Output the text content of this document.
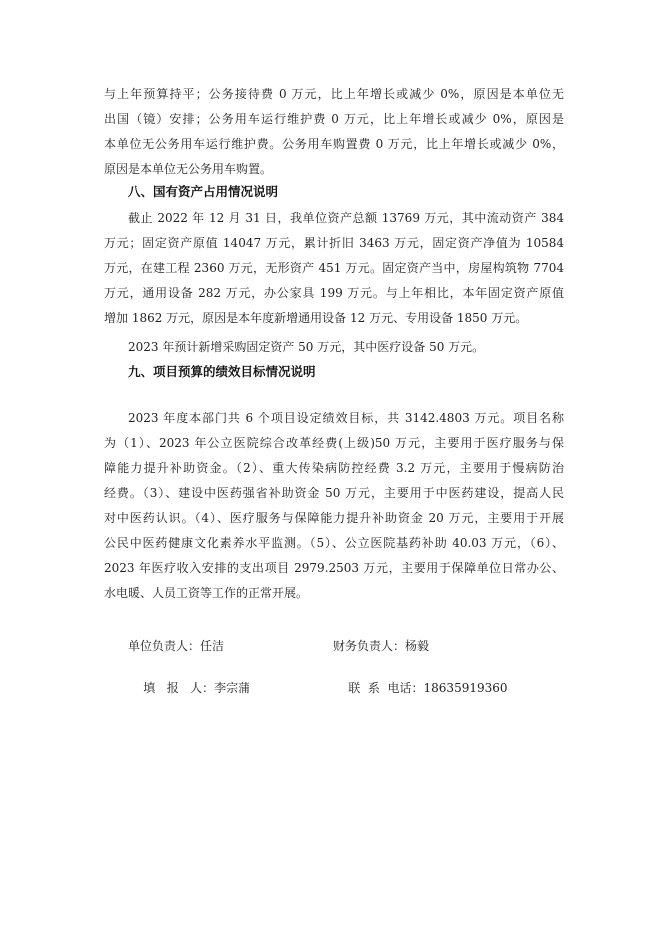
与上年预算持平；公务接待费 0 万元，比上年增长或减少 0%，原因是本单位无
出国（镜）安排；公务用车运行维护费 0 万元，比上年增长或减少 0%，原因是
本单位无公务用车运行维护费。公务用车购置费 0 万元，比上年增长或减少 0%，
原因是本单位无公务用车购置。
八、国有资产占用情况说明
截止 2022 年 12 月 31 日，我单位资产总额 13769 万元，其中流动资产 384
万元；固定资产原值 14047 万元，累计折旧 3463 万元，固定资产净值为 10584
万元，在建工程 2360 万元，无形资产 451 万元。固定资产当中，房屋构筑物 7704
万元，通用设备 282 万元，办公家具 199 万元。与上年相比，本年固定资产原值
增加 1862 万元，原因是本年度新增通用设备 12 万元、专用设备 1850 万元。
2023 年预计新增采购固定资产 50 万元，其中医疗设备 50 万元。
九、项目预算的绩效目标情况说明
2023 年度本部门共 6 个项目设定绩效目标，共 3142.4803 万元。项目名称
为（1）、2023 年公立医院综合改革经费(上级)50 万元，主要用于医疗服务与保
障能力提升补助资金。（2）、重大传染病防控经费 3.2 万元，主要用于慢病防治
经费。（3）、建设中医药强省补助资金 50 万元，主要用于中医药建设，提高人民
对中医药认识。（4）、医疗服务与保障能力提升补助资金 20 万元，主要用于开展
公民中医药健康文化素养水平监测。（5）、公立医院基药补助 40.03 万元，（6）、
2023 年医疗收入安排的支出项目 2979.2503 万元，主要用于保障单位日常办公、
水电暖、人员工资等工作的正常开展。
单位负责人：任洁	财务负责人：杨毅

填   报   人：李宗蒲
	联  系  电话：18635919360
